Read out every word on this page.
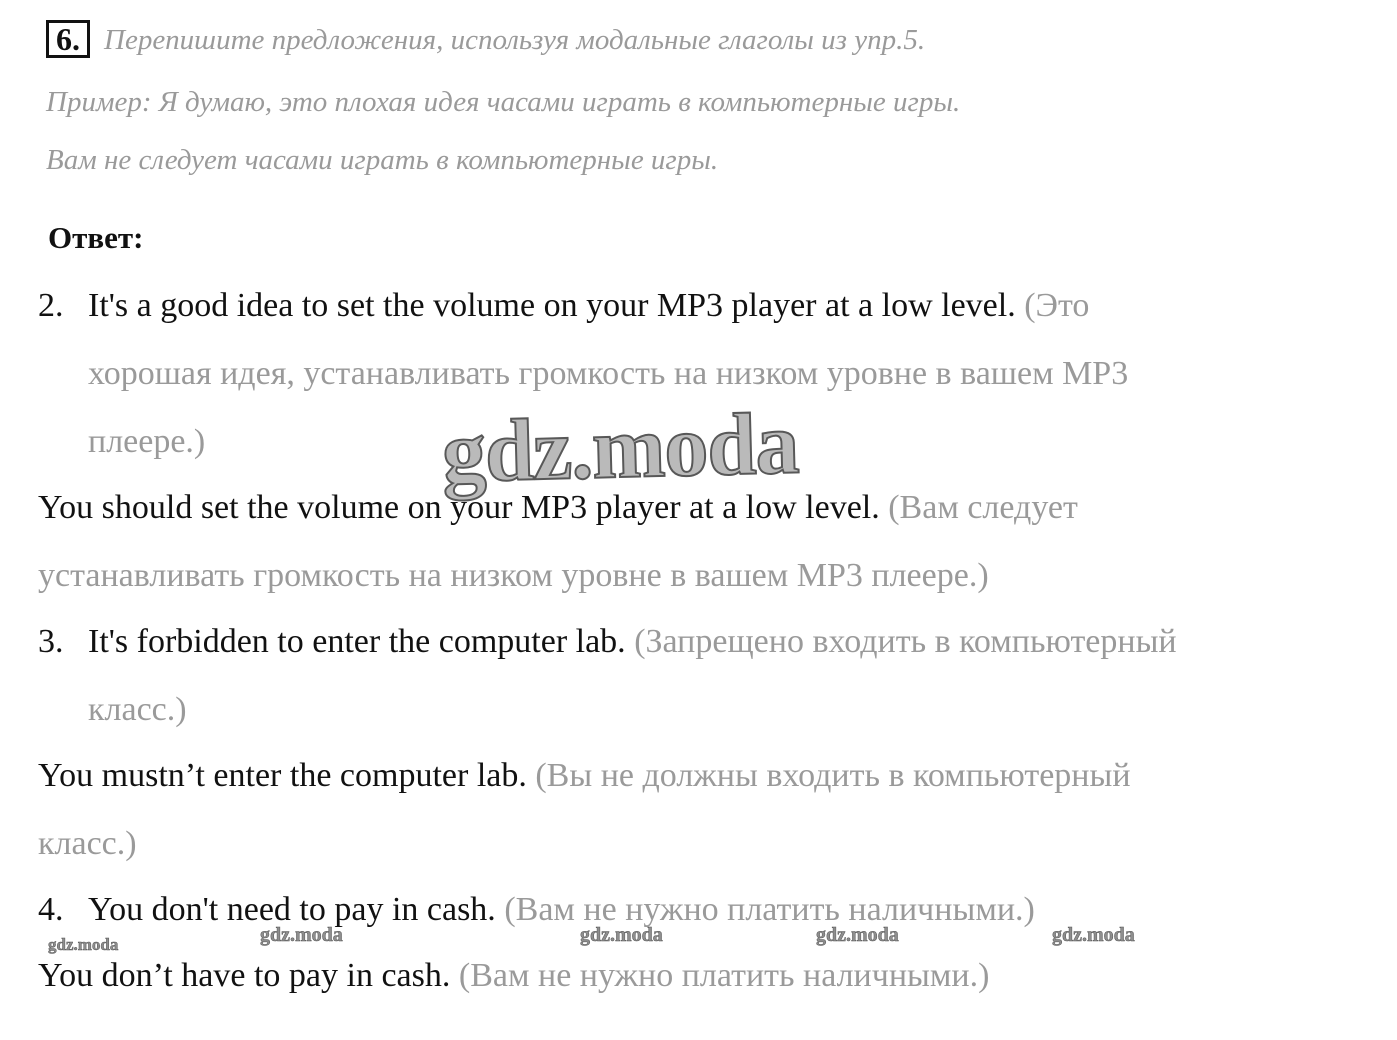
6. Перепишите предложения, используя модальные глаголы из упр.5.
Пример: Я думаю, это плохая идея часами играть в компьютерные игры.
Вам не следует часами играть в компьютерные игры.
Ответ:
2. It's a good idea to set the volume on your MP3 player at a low level. (Это
хорошая идея, устанавливать громкость на низком уровне в вашем MP3
плеере.)
You should set the volume on your MP3 player at a low level. (Вам следует
устанавливать громкость на низком уровне в вашем MP3 плеере.)
3. It's forbidden to enter the computer lab. (Запрещено входить в компьютерный
класс.)
You mustn’t enter the computer lab. (Вы не должны входить в компьютерный
класс.)
4. You don't need to pay in cash. (Вам не нужно платить наличными.)
You don’t have to pay in cash. (Вам не нужно платить наличными.)
gdz.moda
gdz.moda	gdz.moda	gdz.moda	gdz.moda	gdz.moda
